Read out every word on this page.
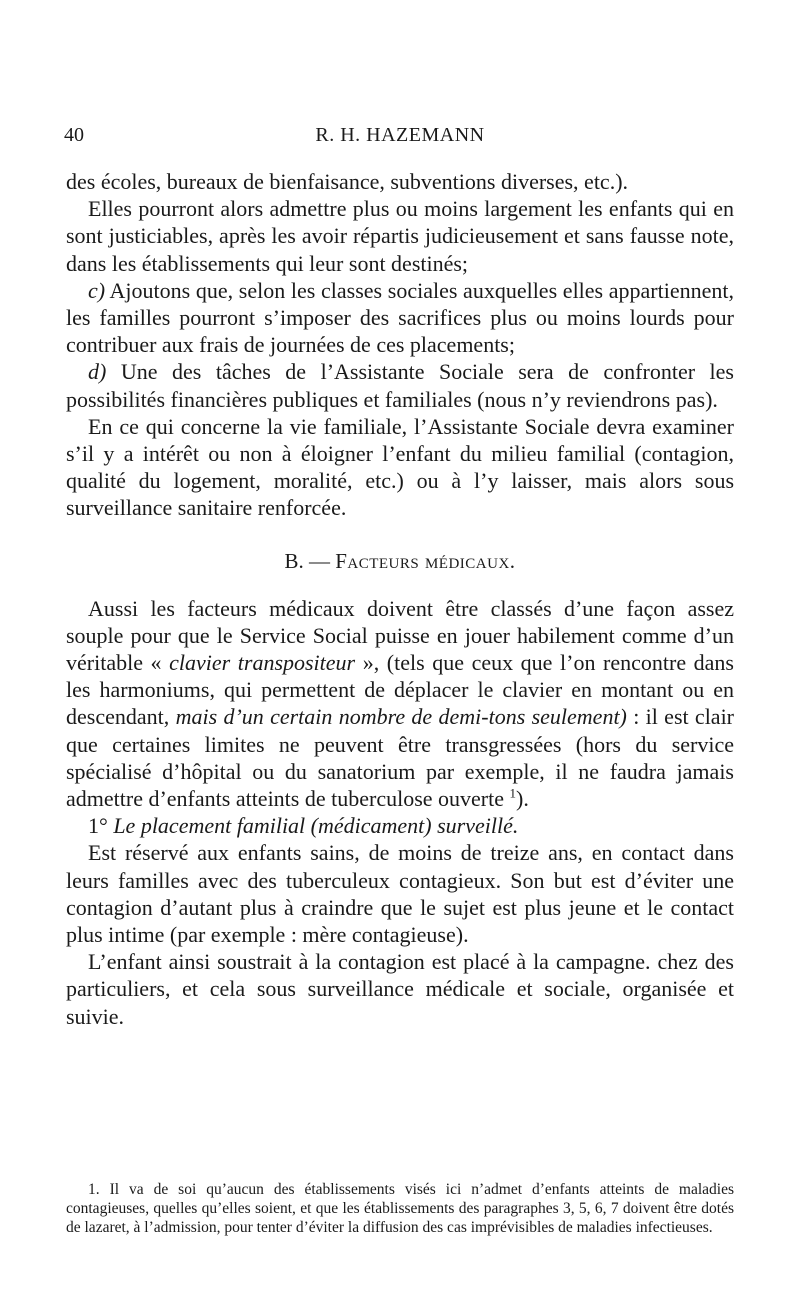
40	R. H. HAZEMANN

des écoles, bureaux de bienfaisance, subventions diverses, etc.).

Elles pourront alors admettre plus ou moins largement les enfants qui en sont justiciables, après les avoir répartis judicieusement et sans fausse note, dans les établissements qui leur sont destinés;

c) Ajoutons que, selon les classes sociales auxquelles elles appartiennent, les familles pourront s’imposer des sacrifices plus ou moins lourds pour contribuer aux frais de journées de ces placements;

d) Une des tâches de l’Assistante Sociale sera de confronter les possibilités financières publiques et familiales (nous n’y reviendrons pas).

En ce qui concerne la vie familiale, l’Assistante Sociale devra examiner s’il y a intérêt ou non à éloigner l’enfant du milieu familial (contagion, qualité du logement, moralité, etc.) ou à l’y laisser, mais alors sous surveillance sanitaire renforcée.

B. — Facteurs médicaux.

Aussi les facteurs médicaux doivent être classés d’une façon assez souple pour que le Service Social puisse en jouer habilement comme d’un véritable « clavier transpositeur », (tels que ceux que l’on rencontre dans les harmoniums, qui permettent de déplacer le clavier en montant ou en descendant, mais d’un certain nombre de demi-tons seulement) : il est clair que certaines limites ne peuvent être transgressées (hors du service spécialisé d’hôpital ou du sanatorium par exemple, il ne faudra jamais admettre d’enfants atteints de tuberculose ouverte $^1$).

1° Le placement familial (médicament) surveillé.

Est réservé aux enfants sains, de moins de treize ans, en contact dans leurs familles avec des tuberculeux contagieux. Son but est d’éviter une contagion d’autant plus à craindre que le sujet est plus jeune et le contact plus intime (par exemple : mère contagieuse).

L’enfant ainsi soustrait à la contagion est placé à la campagne. chez des particuliers, et cela sous surveillance médicale et sociale, organisée et suivie.

1. Il va de soi qu’aucun des établissements visés ici n’admet d’enfants atteints de maladies contagieuses, quelles qu’elles soient, et que les établissements des paragraphes 3, 5, 6, 7 doivent être dotés de lazaret, à l’admission, pour tenter d’éviter la diffusion des cas imprévisibles de maladies infectieuses.
